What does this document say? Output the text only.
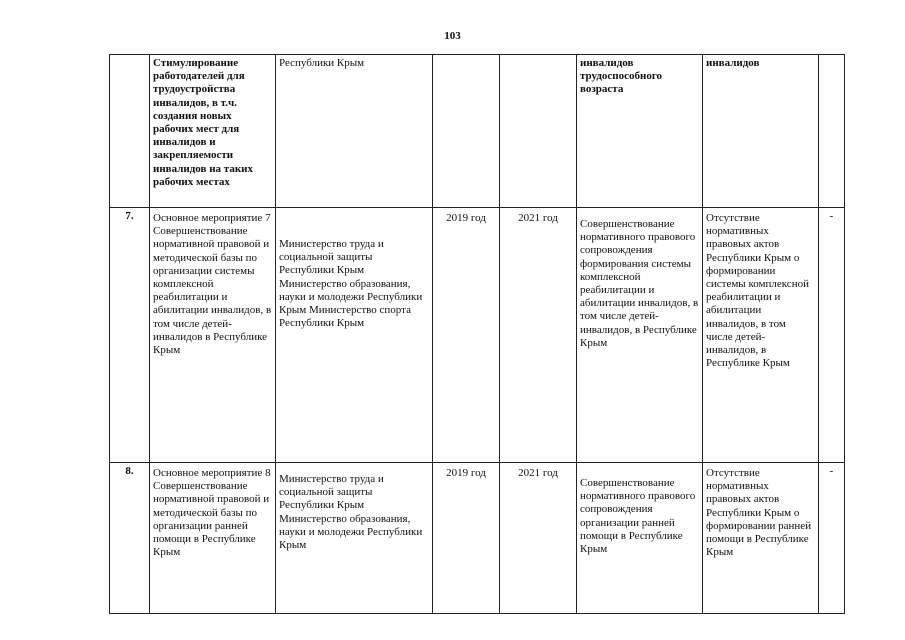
103
	Стимулирование работодателей для трудоустройства инвалидов, в т.ч. создания новых рабочих мест для инвалидов и закрепляемости инвалидов на таких рабочих местах	Республики Крым			инвалидов трудоспособного возраста	инвалидов	
7.	Основное мероприятие 7 Совершенствование нормативной правовой и методической базы по организации системы комплексной реабилитации и абилитации инвалидов, в том числе детей-инвалидов в Республике Крым	Министерство труда и социальной защиты Республики Крым Министерство образования, науки и молодежи Республики Крым Министерство спорта Республики Крым	2019 год	2021 год	Совершенствование нормативного правового сопровождения формирования системы комплексной реабилитации и абилитации инвалидов, в том числе детей-инвалидов, в Республике Крым	Отсутствие нормативных правовых актов Республики Крым о формировании системы комплексной реабилитации и абилитации инвалидов, в том числе детей-инвалидов, в Республике Крым	-
8.	Основное мероприятие 8 Совершенствование нормативной правовой и методической базы по организации ранней помощи в Республике Крым	Министерство труда и социальной защиты Республики Крым Министерство образования, науки и молодежи Республики Крым	2019 год	2021 год	Совершенствование нормативного правового сопровождения организации ранней помощи в Республике Крым	Отсутствие нормативных правовых актов Республики Крым о формировании ранней помощи в Республике Крым	-
